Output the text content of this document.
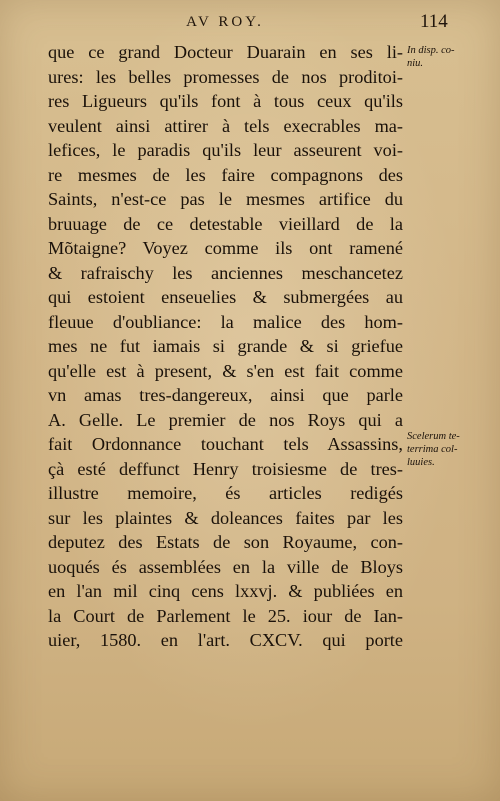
AV ROY.	114
que ce grand Docteur Duarain en ses li-
ures: les belles promesses de nos proditoi-
res Ligueurs qu'ils font à tous ceux qu'ils
veulent ainsi attirer à tels execrables ma-
lefices, le paradis qu'ils leur asseurent voi-
re mesmes de les faire compagnons des
Saints, n'est-ce pas le mesmes artifice du
bruuage de ce detestable vieillard de la
Mõtaigne? Voyez comme ils ont ramené
& rafraischy les anciennes meschancetez
qui estoient enseuelies & submergées au
fleuue d'oubliance: la malice des hom-
mes ne fut iamais si grande & si griefue
qu'elle est à present, & s'en est fait comme
vn amas tres-dangereux, ainsi que parle
A. Gelle. Le premier de nos Roys qui a
fait Ordonnance touchant tels Assassins,
çà esté deffunct Henry troisiesme de tres-
illustre memoire, és articles redigés
sur les plaintes & doleances faites par les
deputez des Estats de son Royaume, con-
uoqués és assemblées en la ville de Bloys
en l'an mil cinq cens lxxvj. & publiées en
la Court de Parlement le 25. iour de Ian-
uier, 1580. en l'art. CXCV. qui porte
In disp. co-
niu.
Scelerum te-
terrima col-
luuies.
